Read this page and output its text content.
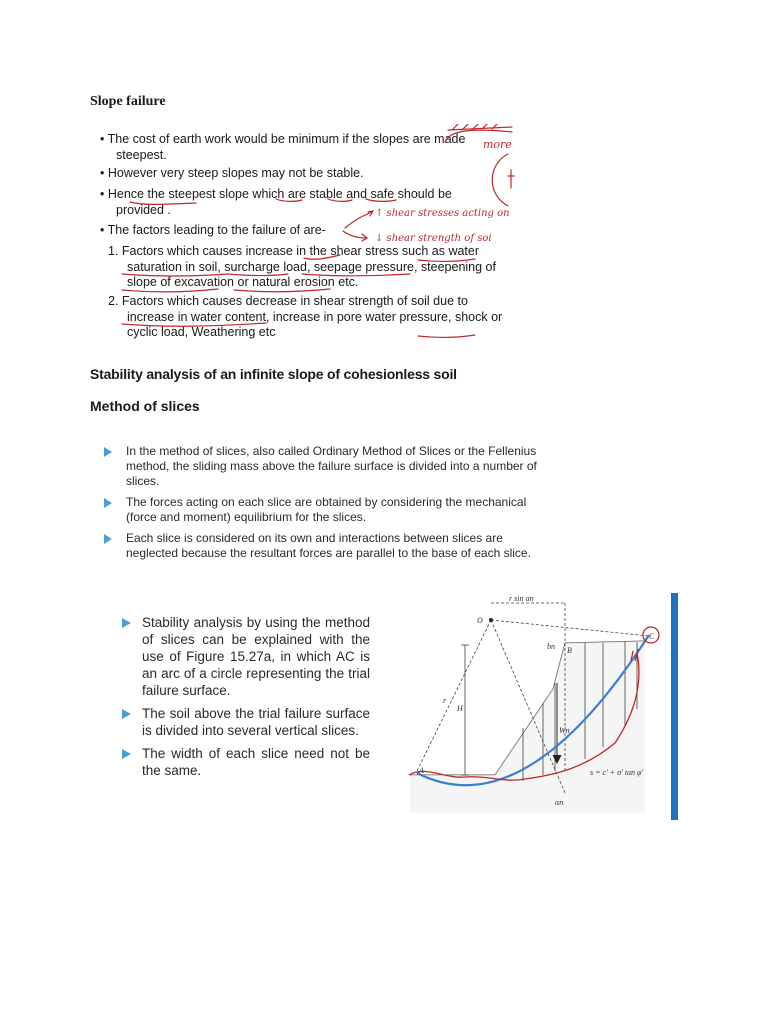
Slope failure
• The cost of earth work would be minimum if the slopes are made
steepest.
• However very steep slopes may not be stable.
• Hence the steepest slope which are stable and safe should be
provided .
• The factors leading to the failure of are-
1. Factors which causes increase in the shear stress such as water
saturation in soil, surcharge load, seepage pressure, steepening of
slope of excavation or natural erosion etc.
2. Factors which causes decrease in shear strength of soil due to
increase in water content, increase in pore water pressure, shock or
cyclic load, Weathering etc
more
↑ shear stresses acting on
↓ shear strength of soi
Stability analysis of an infinite slope of cohesionless soil
Method of slices
In the method of slices, also called Ordinary Method of Slices or the Fellenius method, the sliding mass above the failure surface is divided into a number of slices.
The forces acting on each slice are obtained by considering the mechanical (force and moment) equilibrium for the slices.
Each slice is considered on its own and interactions between slices are neglected because the resultant forces are parallel to the base of each slice.
Stability analysis by using the method of slices can be explained with the use of Figure 15.27a, in which AC is an arc of a circle representing the trial failure surface.
The soil above the trial failure surface is divided into several vertical slices.
The width of each slice need not be the same.
O
A
B
C
H
r
r sin αn
bn
Wn
αn
s = c' + σ' tan φ'
